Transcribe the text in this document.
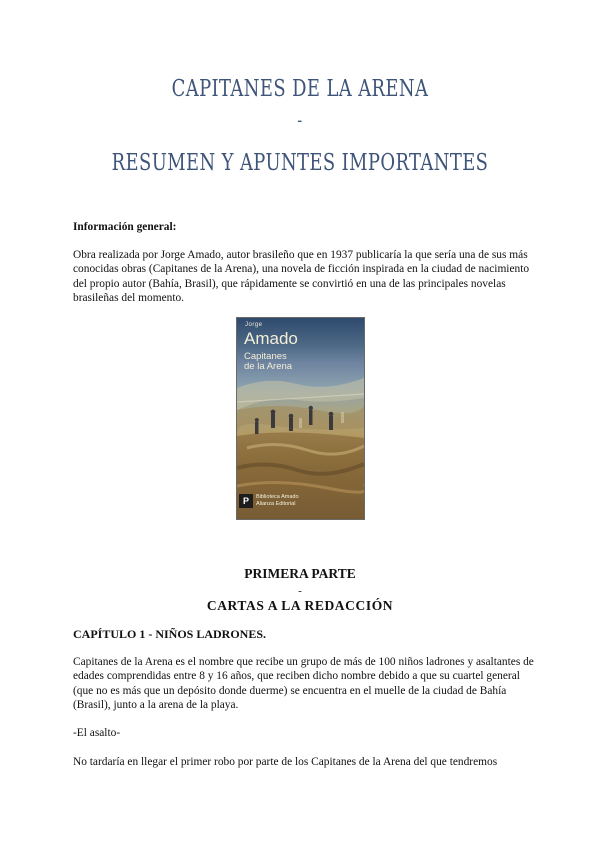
CAPITANES DE LA ARENA
-
RESUMEN Y APUNTES IMPORTANTES

Información general:

Obra realizada por Jorge Amado, autor brasileño que en 1937 publicaría la que sería una de sus más conocidas obras (Capitanes de la Arena), una novela de ficción inspirada en la ciudad de nacimiento del propio autor (Bahía, Brasil), que rápidamente se convirtió en una de las principales novelas brasileñas del momento.

Jorge
Amado
Capitanes
de la Arena
P	Biblioteca Amado
Alianza Editorial

PRIMERA PARTE

-

CARTAS A LA REDACCIÓN

CAPÍTULO 1 - NIÑOS LADRONES.

Capitanes de la Arena es el nombre que recibe un grupo de más de 100 niños ladrones y asaltantes de edades comprendidas entre 8 y 16 años, que reciben dicho nombre debido a que su cuartel general (que no es más que un depósito donde duerme) se encuentra en el muelle de la ciudad de Bahía (Brasil), junto a la arena de la playa.

-El asalto-

No tardaría en llegar el primer robo por parte de los Capitanes de la Arena del que tendremos
